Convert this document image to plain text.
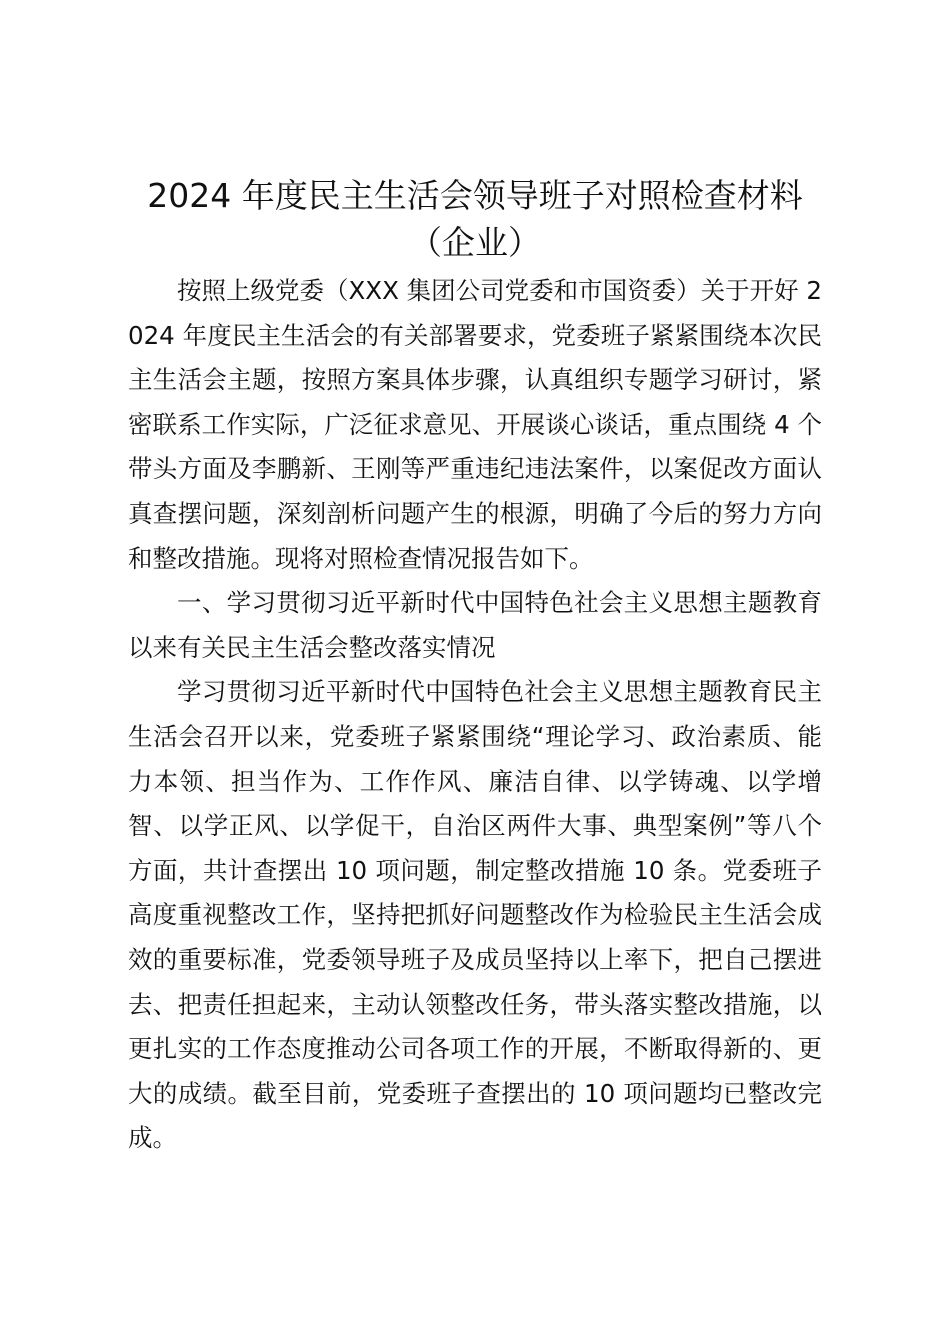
2024 年度民主生活会领导班子对照检查材料
（企业）

按照上级党委（XXX 集团公司党委和市国资委）关于开好 2024 年度民主生活会的有关部署要求，党委班子紧紧围绕本次民主生活会主题，按照方案具体步骤，认真组织专题学习研讨，紧密联系工作实际，广泛征求意见、开展谈心谈话，重点围绕 4 个带头方面及李鹏新、王刚等严重违纪违法案件，以案促改方面认真查摆问题，深刻剖析问题产生的根源，明确了今后的努力方向和整改措施。现将对照检查情况报告如下。

一、学习贯彻习近平新时代中国特色社会主义思想主题教育以来有关民主生活会整改落实情况

学习贯彻习近平新时代中国特色社会主义思想主题教育民主生活会召开以来，党委班子紧紧围绕“理论学习、政治素质、能力本领、担当作为、工作作风、廉洁自律、以学铸魂、以学增智、以学正风、以学促干，自治区两件大事、典型案例”等八个方面，共计查摆出 10 项问题，制定整改措施 10 条。党委班子高度重视整改工作，坚持把抓好问题整改作为检验民主生活会成效的重要标准，党委领导班子及成员坚持以上率下，把自己摆进去、把责任担起来，主动认领整改任务，带头落实整改措施，以更扎实的工作态度推动公司各项工作的开展，不断取得新的、更大的成绩。截至目前，党委班子查摆出的 10 项问题均已整改完成。
